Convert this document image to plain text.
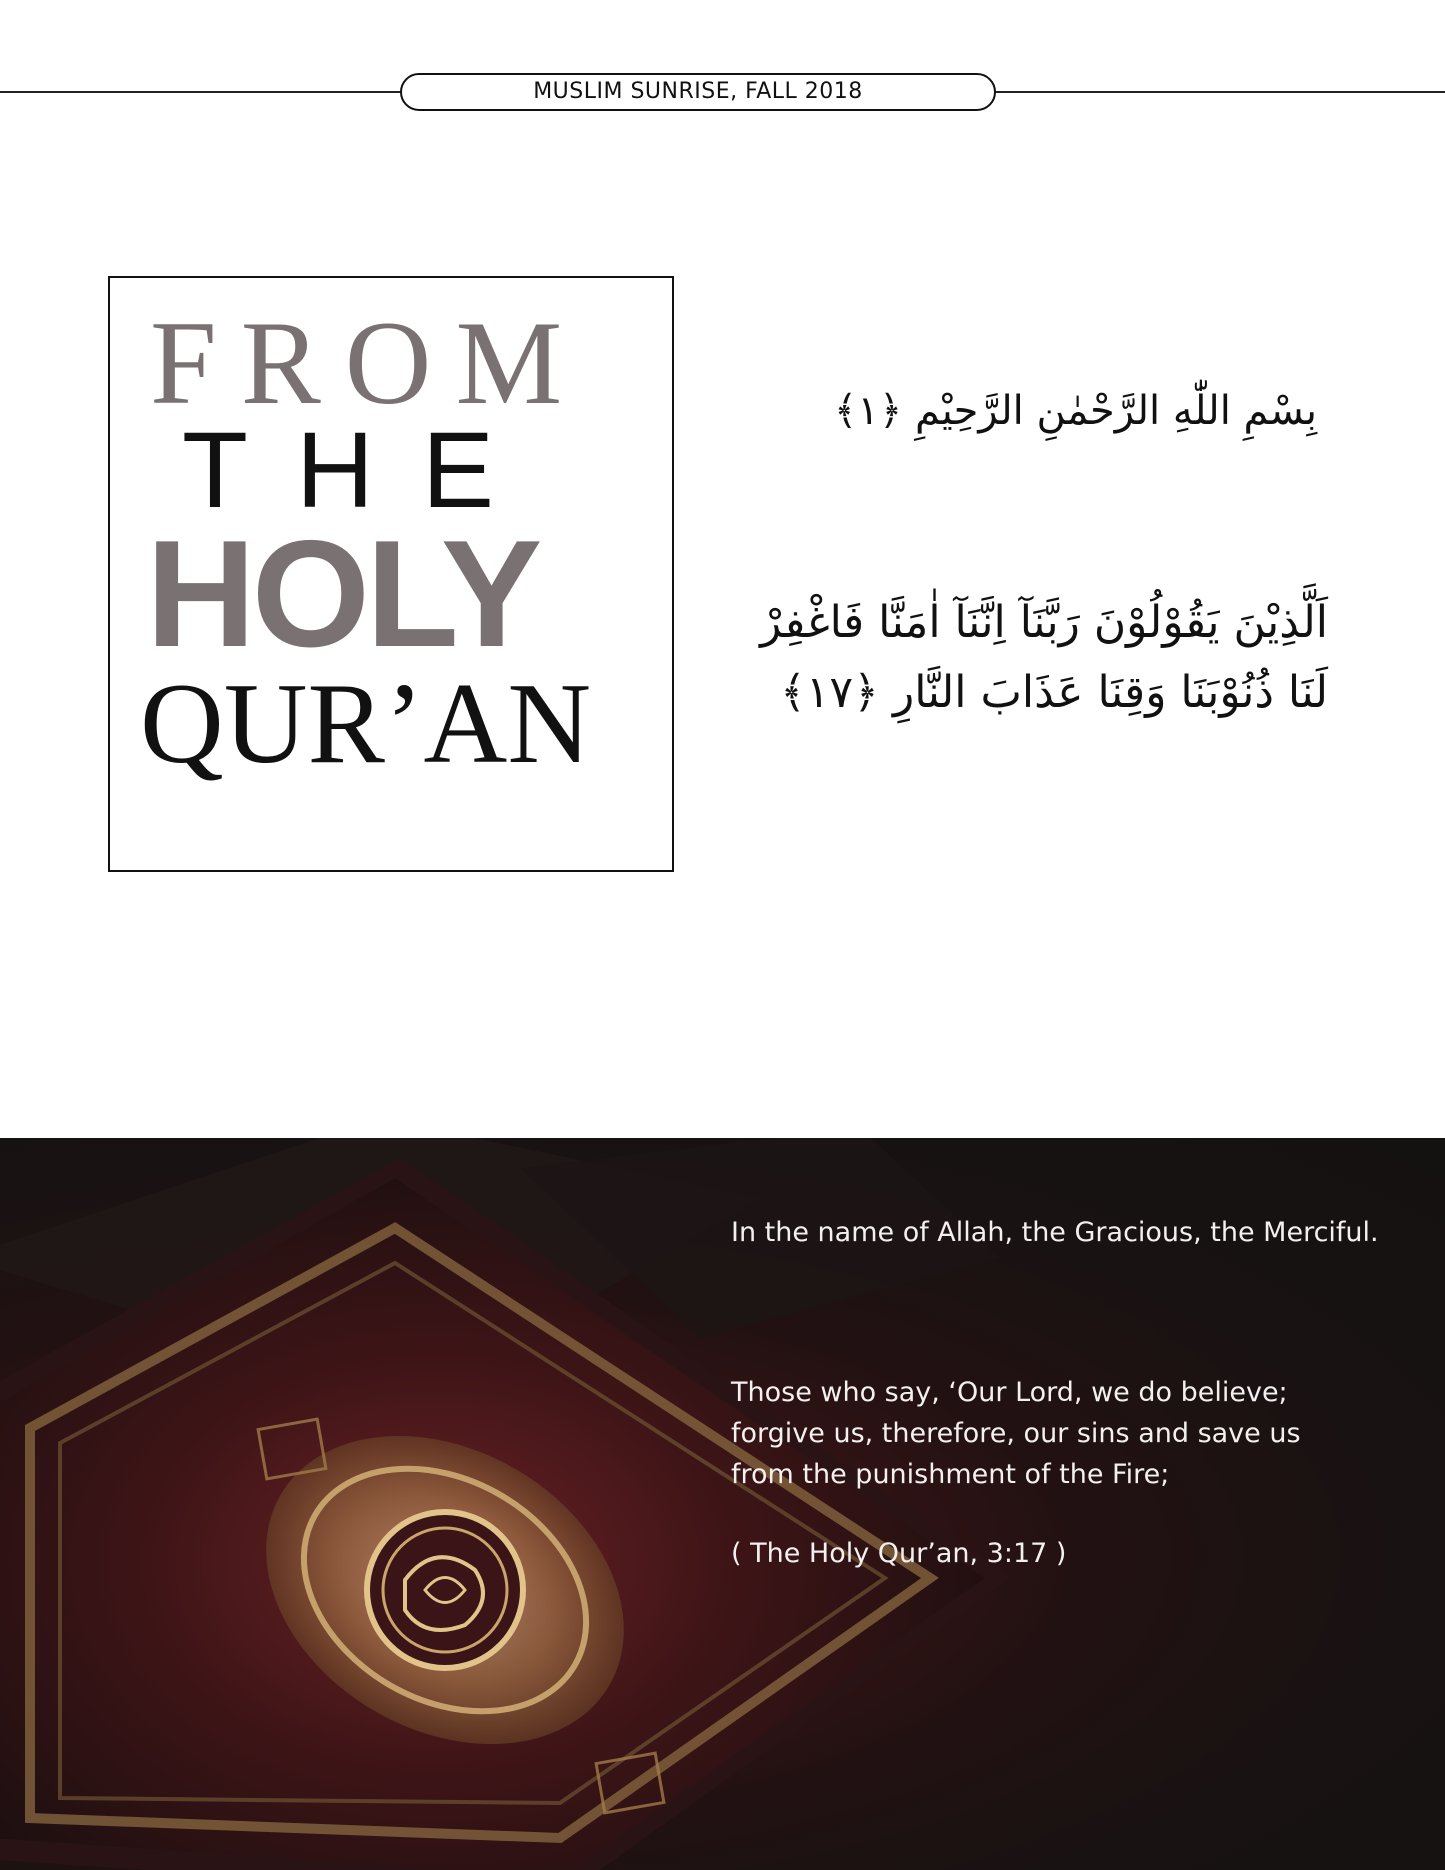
MUSLIM SUNRISE, FALL 2018
FROM
THE
HOLY
QUR’AN
بِسْمِ اللّٰهِ الرَّحْمٰنِ الرَّحِيْمِ ﴿١﴾
اَلَّذِيْنَ يَقُوْلُوْنَ رَبَّنَآ اِنَّنَآ اٰمَنَّا فَاغْفِرْ لَنَا ذُنُوْبَنَا وَقِنَا عَذَابَ النَّارِ ﴿١٧﴾
In the name of Allah, the Gracious, the Merciful.
Those who say, ‘Our Lord, we do believe; forgive us, therefore, our sins and save us from the punishment of the Fire;
( The Holy Qur’an, 3:17 )
